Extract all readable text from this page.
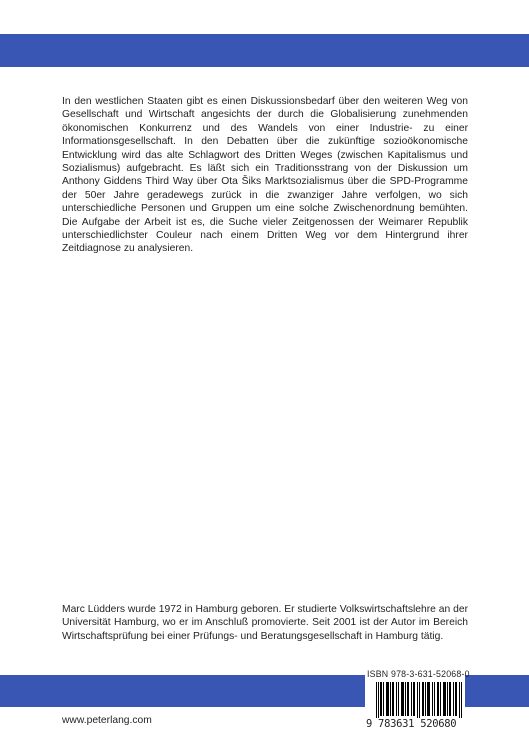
In den westlichen Staaten gibt es einen Diskussionsbedarf über den weiteren Weg von Gesellschaft und Wirtschaft angesichts der durch die Globalisierung zunehmenden ökonomischen Konkurrenz und des Wandels von einer Industrie- zu einer Informationsgesellschaft. In den Debatten über die zukünftige sozioökonomische Entwicklung wird das alte Schlagwort des Dritten Weges (zwischen Kapitalismus und Sozialismus) aufgebracht. Es läßt sich ein Traditionsstrang von der Diskussion um Anthony Giddens Third Way über Ota Šiks Marktsozialismus über die SPD-Programme der 50er Jahre geradewegs zurück in die zwanziger Jahre verfolgen, wo sich unterschiedliche Personen und Gruppen um eine solche Zwischenordnung bemühten. Die Aufgabe der Arbeit ist es, die Suche vieler Zeitgenossen der Weimarer Republik unterschiedlichster Couleur nach einem Dritten Weg vor dem Hintergrund ihrer Zeitdiagnose zu analysieren.

Marc Lüdders wurde 1972 in Hamburg geboren. Er studierte Volkswirtschaftslehre an der Universität Hamburg, wo er im Anschluß promovierte. Seit 2001 ist der Autor im Bereich Wirtschaftsprüfung bei einer Prüfungs- und Beratungsgesellschaft in Hamburg tätig.

ISBN 978-3-631-52068-0
9 783631 520680
www.peterlang.com
